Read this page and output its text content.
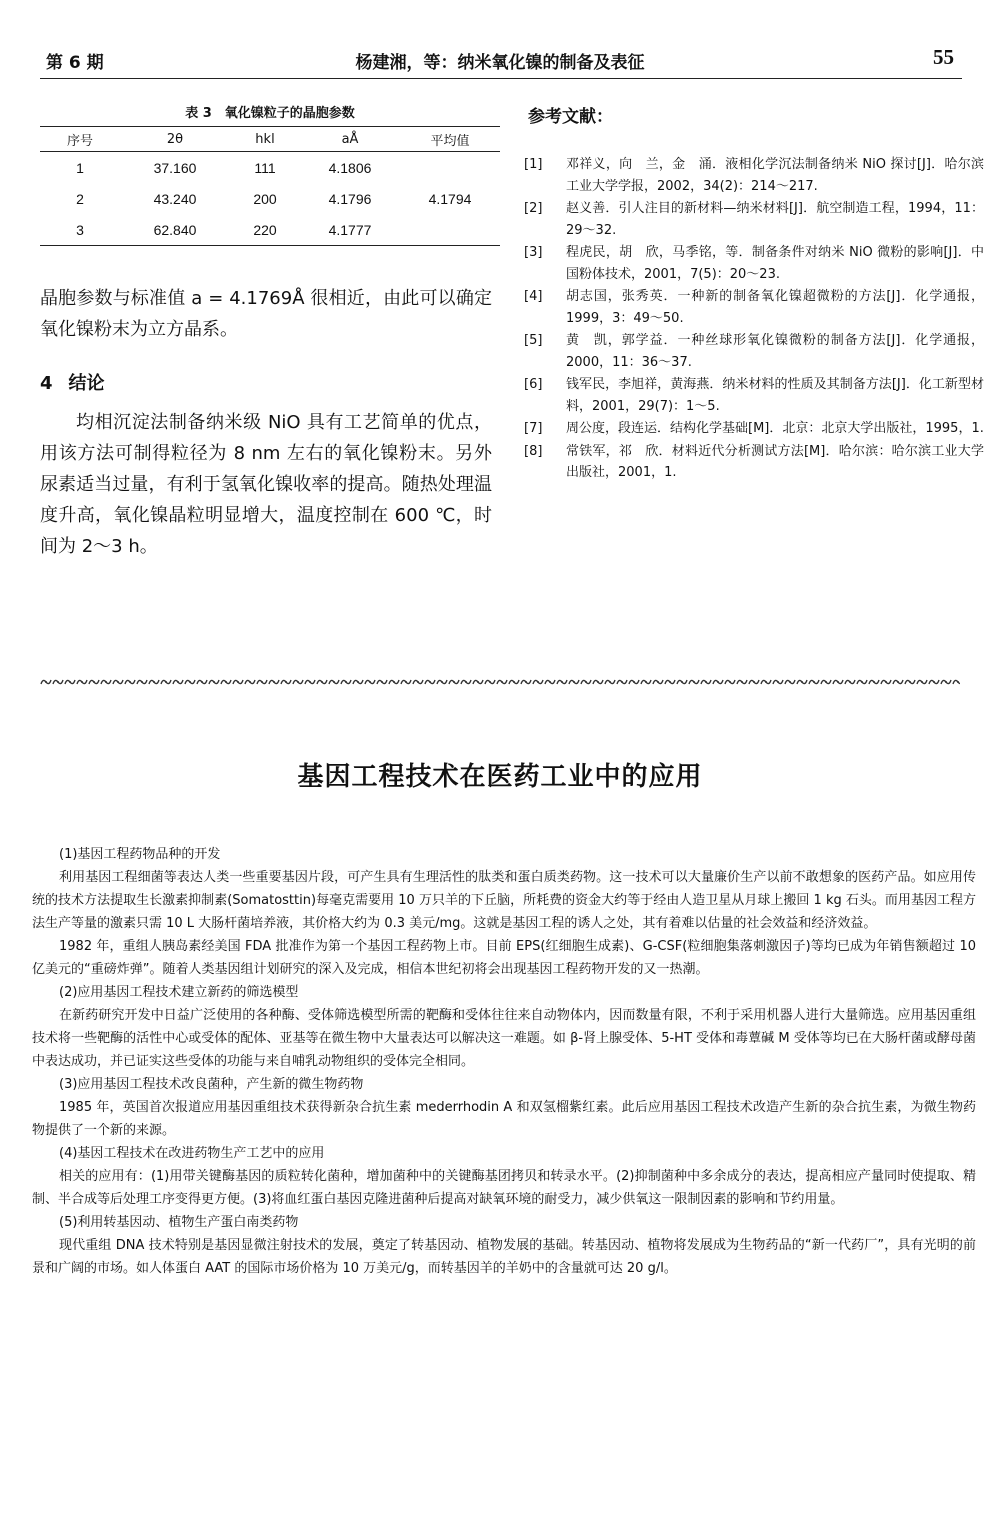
第 6 期	杨建湘，等：纳米氧化镍的制备及表征	55
表 3　氧化镍粒子的晶胞参数
序号	2θ	hkl	aÅ	平均值
1	37.160	111	4.1806
2	43.240	200	4.1796	4.1794
3	62.840	220	4.1777
晶胞参数与标准值 a = 4.1769Å 很相近，由此可以确定氧化镍粉末为立方晶系。
4 结论
均相沉淀法制备纳米级 NiO 具有工艺简单的优点，用该方法可制得粒径为 8 nm 左右的氧化镍粉末。另外尿素适当过量，有利于氢氧化镍收率的提高。随热处理温度升高，氧化镍晶粒明显增大，温度控制在 600 ℃，时间为 2～3 h。
参考文献：
[1]	邓祥义，向　兰，金　涌．液相化学沉法制备纳米 NiO 探讨[J]．哈尔滨工业大学学报，2002，34(2)：214～217.
[2]	赵义善．引人注目的新材料—纳米材料[J]．航空制造工程，1994，11：29～32.
[3]	程虎民，胡　欣，马季铭，等．制备条件对纳米 NiO 微粉的影响[J]．中国粉体技术，2001，7(5)：20～23.
[4]	胡志国，张秀英．一种新的制备氧化镍超微粉的方法[J]．化学通报，1999，3：49～50.
[5]	黄　凯，郭学益．一种丝球形氧化镍微粉的制备方法[J]．化学通报，2000，11：36～37.
[6]	钱军民，李旭祥，黄海燕．纳米材料的性质及其制备方法[J]．化工新型材料，2001，29(7)：1～5.
[7]	周公度，段连运．结构化学基础[M]．北京：北京大学出版社，1995，1.
[8]	常铁军，祁　欣．材料近代分析测试方法[M]．哈尔滨：哈尔滨工业大学出版社，2001，1.
基因工程技术在医药工业中的应用
(1)基因工程药物品种的开发
利用基因工程细菌等表达人类一些重要基因片段，可产生具有生理活性的肽类和蛋白质类药物。这一技术可以大量廉价生产以前不敢想象的医药产品。如应用传统的技术方法提取生长激素抑制素(Somatosttin)每毫克需要用 10 万只羊的下丘脑，所耗费的资金大约等于经由人造卫星从月球上搬回 1 kg 石头。而用基因工程方法生产等量的激素只需 10 L 大肠杆菌培养液，其价格大约为 0.3 美元/mg。这就是基因工程的诱人之处，其有着难以估量的社会效益和经济效益。
1982 年，重组人胰岛素经美国 FDA 批准作为第一个基因工程药物上市。目前 EPS(红细胞生成素)、G-CSF(粒细胞集落刺激因子)等均已成为年销售额超过 10 亿美元的“重磅炸弹”。随着人类基因组计划研究的深入及完成，相信本世纪初将会出现基因工程药物开发的又一热潮。
(2)应用基因工程技术建立新药的筛选模型
在新药研究开发中日益广泛使用的各种酶、受体筛选模型所需的靶酶和受体往往来自动物体内，因而数量有限，不利于采用机器人进行大量筛选。应用基因重组技术将一些靶酶的活性中心或受体的配体、亚基等在微生物中大量表达可以解决这一难题。如 β-肾上腺受体、5-HT 受体和毒蕈碱 M 受体等均已在大肠杆菌或酵母菌中表达成功，并已证实这些受体的功能与来自哺乳动物组织的受体完全相同。
(3)应用基因工程技术改良菌种，产生新的微生物药物
1985 年，英国首次报道应用基因重组技术获得新杂合抗生素 mederrhodin A 和双氢榴紫红素。此后应用基因工程技术改造产生新的杂合抗生素，为微生物药物提供了一个新的来源。
(4)基因工程技术在改进药物生产工艺中的应用
相关的应用有：(1)用带关键酶基因的质粒转化菌种，增加菌种中的关键酶基团拷贝和转录水平。(2)抑制菌种中多余成分的表达，提高相应产量同时使提取、精制、半合成等后处理工序变得更方便。(3)将血红蛋白基因克隆进菌种后提高对缺氧环境的耐受力，减少供氧这一限制因素的影响和节约用量。
(5)利用转基因动、植物生产蛋白南类药物
现代重组 DNA 技术特别是基因显微注射技术的发展，奠定了转基因动、植物发展的基础。转基因动、植物将发展成为生物药品的“新一代药厂”，具有光明的前景和广阔的市场。如人体蛋白 AAT 的国际市场价格为 10 万美元/g，而转基因羊的羊奶中的含量就可达 20 g/l。
